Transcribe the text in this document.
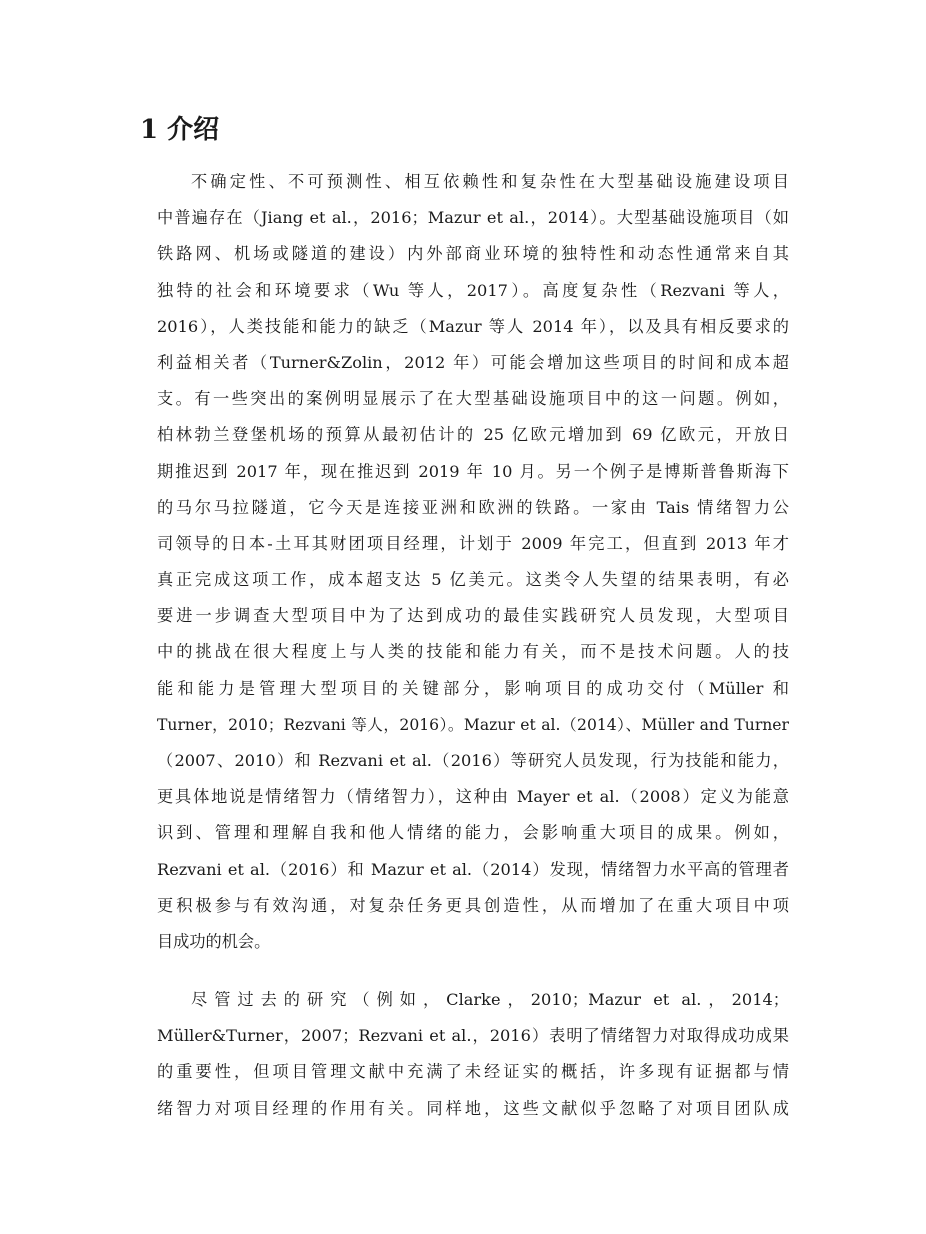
1 介绍

不确定性、不可预测性、相互依赖性和复杂性在大型基础设施建设项目
中普遍存在（Jiang et al.，2016；Mazur et al.，2014）。大型基础设施项目（如
铁路网、机场或隧道的建设）内外部商业环境的独特性和动态性通常来自其
独特的社会和环境要求（Wu 等人，2017）。高度复杂性（Rezvani 等人，
2016），人类技能和能力的缺乏（Mazur 等人 2014 年），以及具有相反要求的
利益相关者（Turner&Zolin，2012 年）可能会增加这些项目的时间和成本超
支。有一些突出的案例明显展示了在大型基础设施项目中的这一问题。例如，
柏林勃兰登堡机场的预算从最初估计的 25 亿欧元增加到 69 亿欧元，开放日
期推迟到 2017 年，现在推迟到 2019 年 10 月。另一个例子是博斯普鲁斯海下
的马尔马拉隧道，它今天是连接亚洲和欧洲的铁路。一家由 Tais 情绪智力公
司领导的日本-土耳其财团项目经理，计划于 2009 年完工，但直到 2013 年才
真正完成这项工作，成本超支达 5 亿美元。这类令人失望的结果表明，有必
要进一步调查大型项目中为了达到成功的最佳实践研究人员发现，大型项目
中的挑战在很大程度上与人类的技能和能力有关，而不是技术问题。人的技
能和能力是管理大型项目的关键部分，影响项目的成功交付（Müller 和
Turner，2010；Rezvani 等人，2016）。Mazur et al.（2014）、Müller and Turner
（2007、2010）和 Rezvani et al.（2016）等研究人员发现，行为技能和能力，
更具体地说是情绪智力（情绪智力），这种由 Mayer et al.（2008）定义为能意
识到、管理和理解自我和他人情绪的能力，会影响重大项目的成果。例如，
Rezvani et al.（2016）和 Mazur et al.（2014）发现，情绪智力水平高的管理者
更积极参与有效沟通，对复杂任务更具创造性，从而增加了在重大项目中项
目成功的机会。

尽管过去的研究（例如，Clarke，2010；Mazur et al.，2014；
Müller&Turner，2007；Rezvani et al.，2016）表明了情绪智力对取得成功成果
的重要性，但项目管理文献中充满了未经证实的概括，许多现有证据都与情
绪智力对项目经理的作用有关。同样地，这些文献似乎忽略了对项目团队成
